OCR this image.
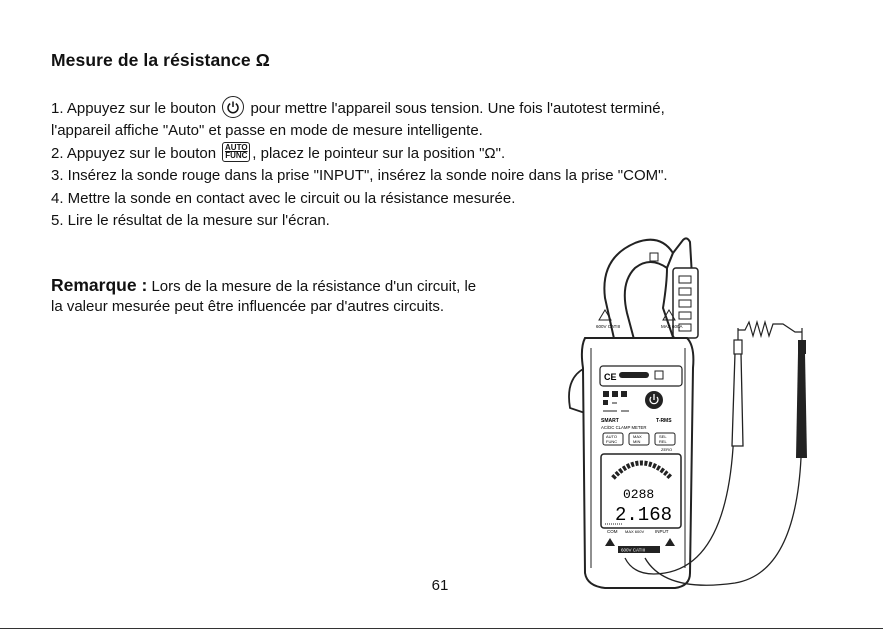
Mesure de la résistance Ω
1. Appuyez sur le bouton
pour mettre l'appareil sous tension. Une fois l'autotest terminé,
l'appareil affiche "Auto" et passe en mode de mesure intelligente.
2. Appuyez sur le bouton AUTO
FUNC , placez le pointeur sur la position "Ω".
3. Insérez la sonde rouge dans la prise "INPUT", insérez la sonde noire dans la prise "COM".
4. Mettre la sonde en contact avec le circuit ou la résistance mesurée.
5. Lire le résultat de la mesure sur l'écran.
Remarque : Lors de la mesure de la résistance d'un circuit, le
la valeur mesurée peut être influencée par d'autres circuits.
600V CATIII	MAX 600A
CE
SMART	T-RMS
AC/DC CLAMP METER
AUTO
FUNC
MAX
MIN
SEL
REL
ZERO
0288
2.168
COM MAX 600V INPUT
600V CATIII
61
